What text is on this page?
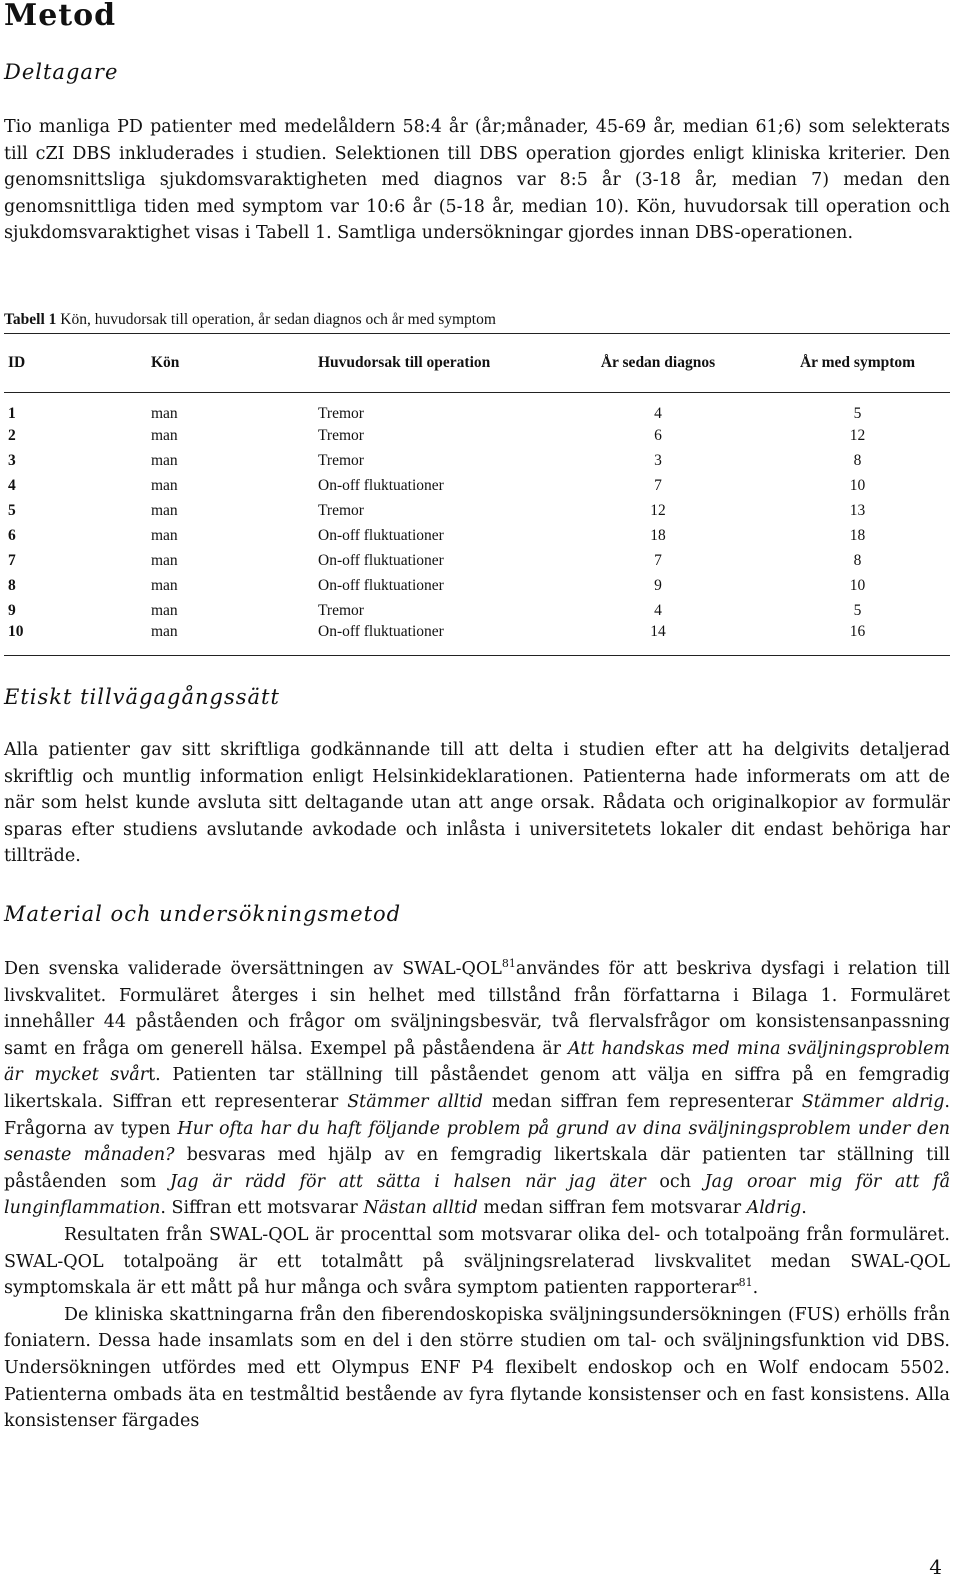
Metod
Deltagare

Tio manliga PD patienter med medelåldern 58:4 år (år;månader, 45-69 år, median 61;6) som selekterats till cZI DBS inkluderades i studien. Selektionen till DBS operation gjordes enligt kliniska kriterier. Den genomsnittsliga sjukdomsvaraktigheten med diagnos var 8:5 år (3-18 år, median 7) medan den genomsnittliga tiden med symptom var 10:6 år (5-18 år, median 10). Kön, huvudorsak till operation och sjukdomsvaraktighet visas i Tabell 1. Samtliga undersökningar gjordes innan DBS-operationen.

Tabell 1 Kön, huvudorsak till operation, år sedan diagnos och år med symptom
ID	Kön	Huvudorsak till operation	År sedan diagnos	År med symptom
1	man	Tremor	4	5
2	man	Tremor	6	12
3	man	Tremor	3	8
4	man	On-off fluktuationer	7	10
5	man	Tremor	12	13
6	man	On-off fluktuationer	18	18
7	man	On-off fluktuationer	7	8
8	man	On-off fluktuationer	9	10
9	man	Tremor	4	5
10	man	On-off fluktuationer	14	16
Etiskt tillvägagångssätt

Alla patienter gav sitt skriftliga godkännande till att delta i studien efter att ha delgivits detaljerad skriftlig och muntlig information enligt Helsinkideklarationen. Patienterna hade informerats om att de när som helst kunde avsluta sitt deltagande utan att ange orsak. Rådata och originalkopior av formulär sparas efter studiens avslutande avkodade och inlåsta i universitetets lokaler dit endast behöriga har tillträde.

Material och undersökningsmetod

Den svenska validerade översättningen av SWAL-QOL$^{81}$användes för att beskriva dysfagi i relation till livskvalitet. Formuläret återges i sin helhet med tillstånd från författarna i Bilaga 1. Formuläret innehåller 44 påståenden och frågor om sväljningsbesvär, två flervalsfrågor om konsistensanpassning samt en fråga om generell hälsa. Exempel på påståendena är Att handskas med mina sväljningsproblem är mycket svårt. Patienten tar ställning till påståendet genom att välja en siffra på en femgradig likertskala. Siffran ett representerar Stämmer alltid medan siffran fem representerar Stämmer aldrig. Frågorna av typen Hur ofta har du haft följande problem på grund av dina sväljningsproblem under den senaste månaden? besvaras med hjälp av en femgradig likertskala där patienten tar ställning till påståenden som Jag är rädd för att sätta i halsen när jag äter och Jag oroar mig för att få lunginflammation. Siffran ett motsvarar Nästan alltid medan siffran fem motsvarar Aldrig.

Resultaten från SWAL-QOL är procenttal som motsvarar olika del- och totalpoäng från formuläret. SWAL-QOL totalpoäng är ett totalmått på sväljningsrelaterad livskvalitet medan SWAL-QOL symptomskala är ett mått på hur många och svåra symptom patienten rapporterar$^{81}$.

De kliniska skattningarna från den fiberendoskopiska sväljningsundersökningen (FUS) erhölls från foniatern. Dessa hade insamlats som en del i den större studien om tal- och sväljningsfunktion vid DBS. Undersökningen utfördes med ett Olympus ENF P4 flexibelt endoskop och en Wolf endocam 5502. Patienterna ombads äta en testmåltid bestående av fyra flytande konsistenser och en fast konsistens. Alla konsistenser färgades

4
